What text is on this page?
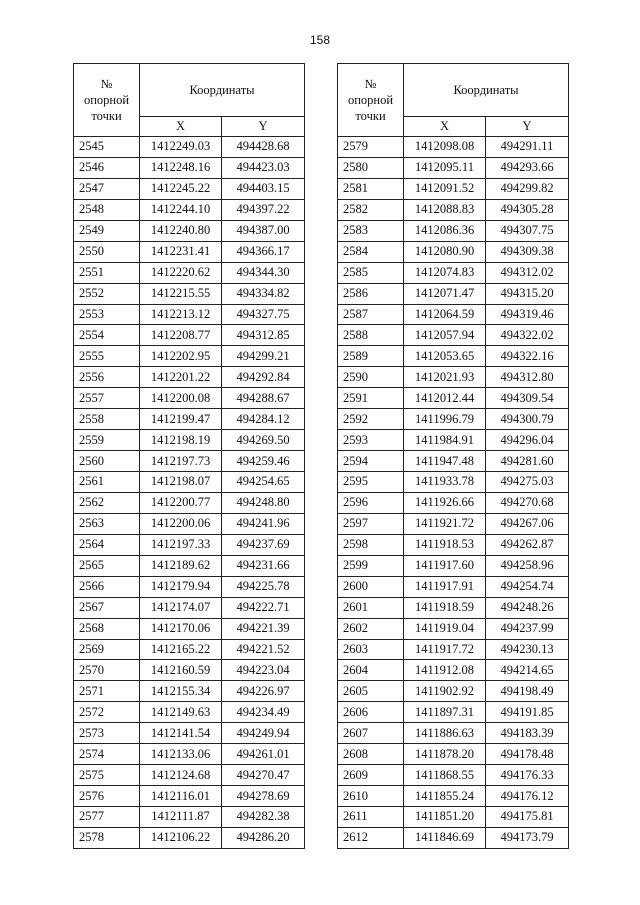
158
№
опорной
точки	Координаты	
	X	Y
2545	1412249.03	494428.68
2546	1412248.16	494423.03
2547	1412245.22	494403.15
2548	1412244.10	494397.22
2549	1412240.80	494387.00
2550	1412231.41	494366.17
2551	1412220.62	494344.30
2552	1412215.55	494334.82
2553	1412213.12	494327.75
2554	1412208.77	494312.85
2555	1412202.95	494299.21
2556	1412201.22	494292.84
2557	1412200.08	494288.67
2558	1412199.47	494284.12
2559	1412198.19	494269.50
2560	1412197.73	494259.46
2561	1412198.07	494254.65
2562	1412200.77	494248.80
2563	1412200.06	494241.96
2564	1412197.33	494237.69
2565	1412189.62	494231.66
2566	1412179.94	494225.78
2567	1412174.07	494222.71
2568	1412170.06	494221.39
2569	1412165.22	494221.52
2570	1412160.59	494223.04
2571	1412155.34	494226.97
2572	1412149.63	494234.49
2573	1412141.54	494249.94
2574	1412133.06	494261.01
2575	1412124.68	494270.47
2576	1412116.01	494278.69
2577	1412111.87	494282.38
2578	1412106.22	494286.20
№
опорной
точки	Координаты	
	X	Y
2579	1412098.08	494291.11
2580	1412095.11	494293.66
2581	1412091.52	494299.82
2582	1412088.83	494305.28
2583	1412086.36	494307.75
2584	1412080.90	494309.38
2585	1412074.83	494312.02
2586	1412071.47	494315.20
2587	1412064.59	494319.46
2588	1412057.94	494322.02
2589	1412053.65	494322.16
2590	1412021.93	494312.80
2591	1412012.44	494309.54
2592	1411996.79	494300.79
2593	1411984.91	494296.04
2594	1411947.48	494281.60
2595	1411933.78	494275.03
2596	1411926.66	494270.68
2597	1411921.72	494267.06
2598	1411918.53	494262.87
2599	1411917.60	494258.96
2600	1411917.91	494254.74
2601	1411918.59	494248.26
2602	1411919.04	494237.99
2603	1411917.72	494230.13
2604	1411912.08	494214.65
2605	1411902.92	494198.49
2606	1411897.31	494191.85
2607	1411886.63	494183.39
2608	1411878.20	494178.48
2609	1411868.55	494176.33
2610	1411855.24	494176.12
2611	1411851.20	494175.81
2612	1411846.69	494173.79
